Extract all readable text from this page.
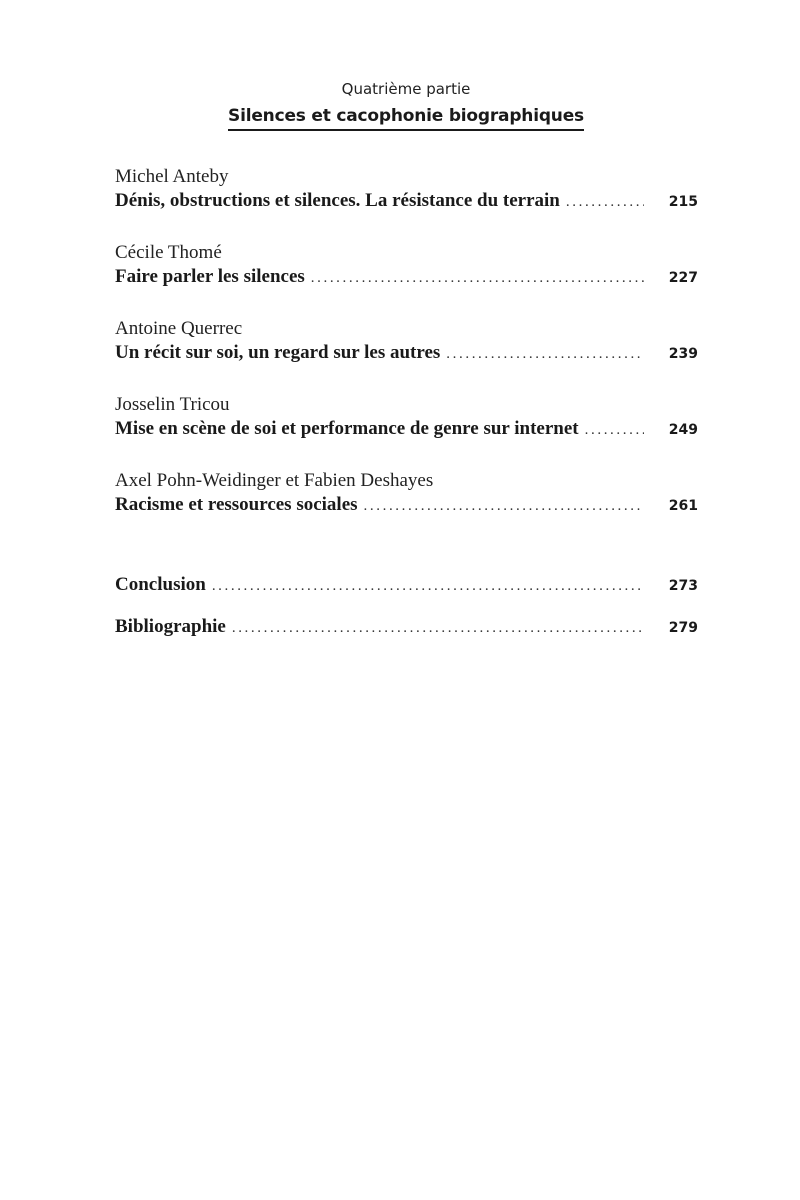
Quatrième partie
Silences et cacophonie biographiques
Michel Anteby
Dénis, obstructions et silences. La résistance du terrain .....	215
Cécile Thomé
Faire parler les silences .....	227
Antoine Querrec
Un récit sur soi, un regard sur les autres .....	239
Josselin Tricou
Mise en scène de soi et performance de genre sur internet .....	249
Axel Pohn-Weidinger et Fabien Deshayes
Racisme et ressources sociales .....	261
Conclusion .....	273
Bibliographie .....	279
